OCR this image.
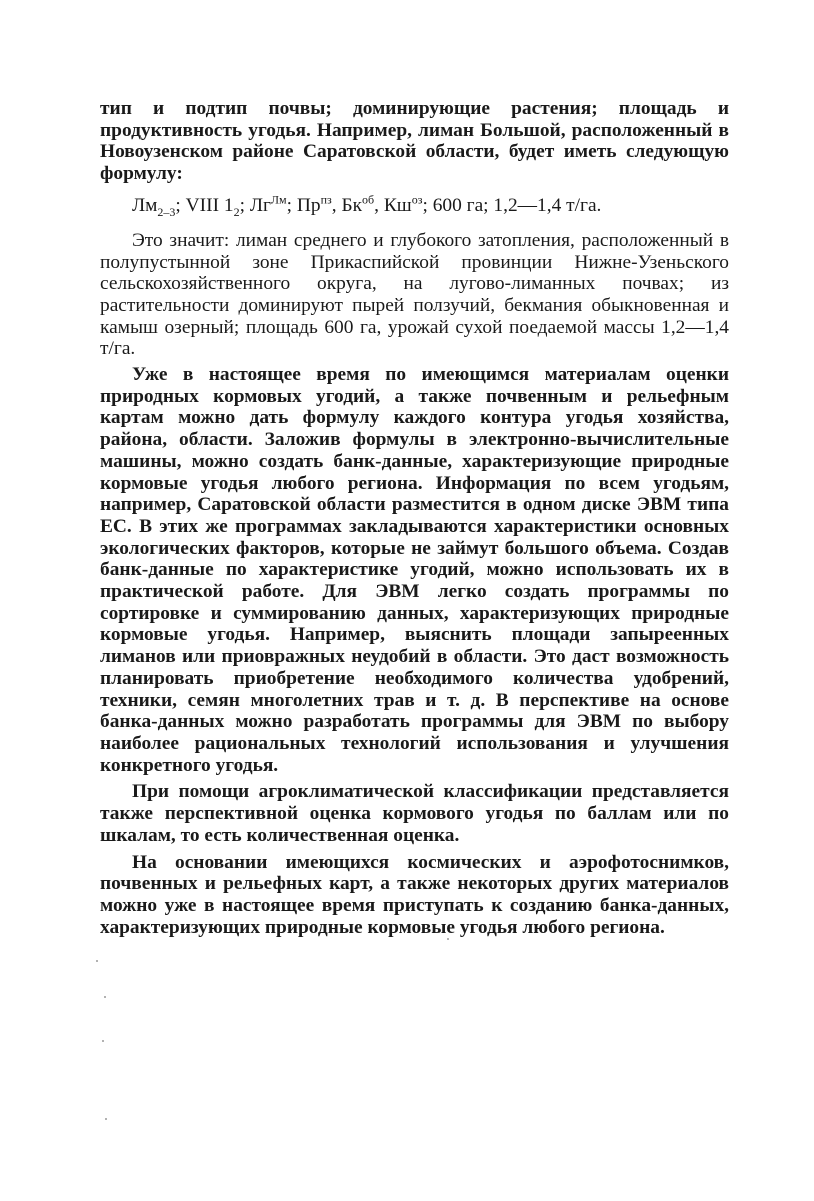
тип и подтип почвы; доминирующие растения; площадь и продуктивность угодья. Например, лиман Большой, расположенный в Новоузенском районе Саратовской области, будет иметь следующую формулу:

$Лм_{2-3}$; VIII $1_2$; $Лг^{Лм}$; $Пр^{пз}$, $Бк^{об}$, $Кш^{оз}$; 600 га; 1,2—1,4 т/га.

Это значит: лиман среднего и глубокого затопления, расположенный в полупустынной зоне Прикаспийской провинции Нижне-Узеньского сельскохозяйственного округа, на лугово-лиманных почвах; из растительности доминируют пырей ползучий, бекмания обыкновенная и камыш озерный; площадь 600 га, урожай сухой поедаемой массы 1,2—1,4 т/га.

Уже в настоящее время по имеющимся материалам оценки природных кормовых угодий, а также почвенным и рельефным картам можно дать формулу каждого контура угодья хозяйства, района, области. Заложив формулы в электронно-вычислительные машины, можно создать банк-данные, характеризующие природные кормовые угодья любого региона. Информация по всем угодьям, например, Саратовской области разместится в одном диске ЭВМ типа ЕС. В этих же программах закладываются характеристики основных экологических факторов, которые не займут большого объема. Создав банк-данные по характеристике угодий, можно использовать их в практической работе. Для ЭВМ легко создать программы по сортировке и суммированию данных, характеризующих природные кормовые угодья. Например, выяснить площади запыреенных лиманов или приовражных неудобий в области. Это даст возможность планировать приобретение необходимого количества удобрений, техники, семян многолетних трав и т. д. В перспективе на основе банка-данных можно разработать программы для ЭВМ по выбору наиболее рациональных технологий использования и улучшения конкретного угодья.

При помощи агроклиматической классификации представляется также перспективной оценка кормового угодья по баллам или по шкалам, то есть количественная оценка.

На основании имеющихся космических и аэрофотоснимков, почвенных и рельефных карт, а также некоторых других материалов можно уже в настоящее время приступать к созданию банка-данных, характеризующих природные кормовые угодья любого региона.
